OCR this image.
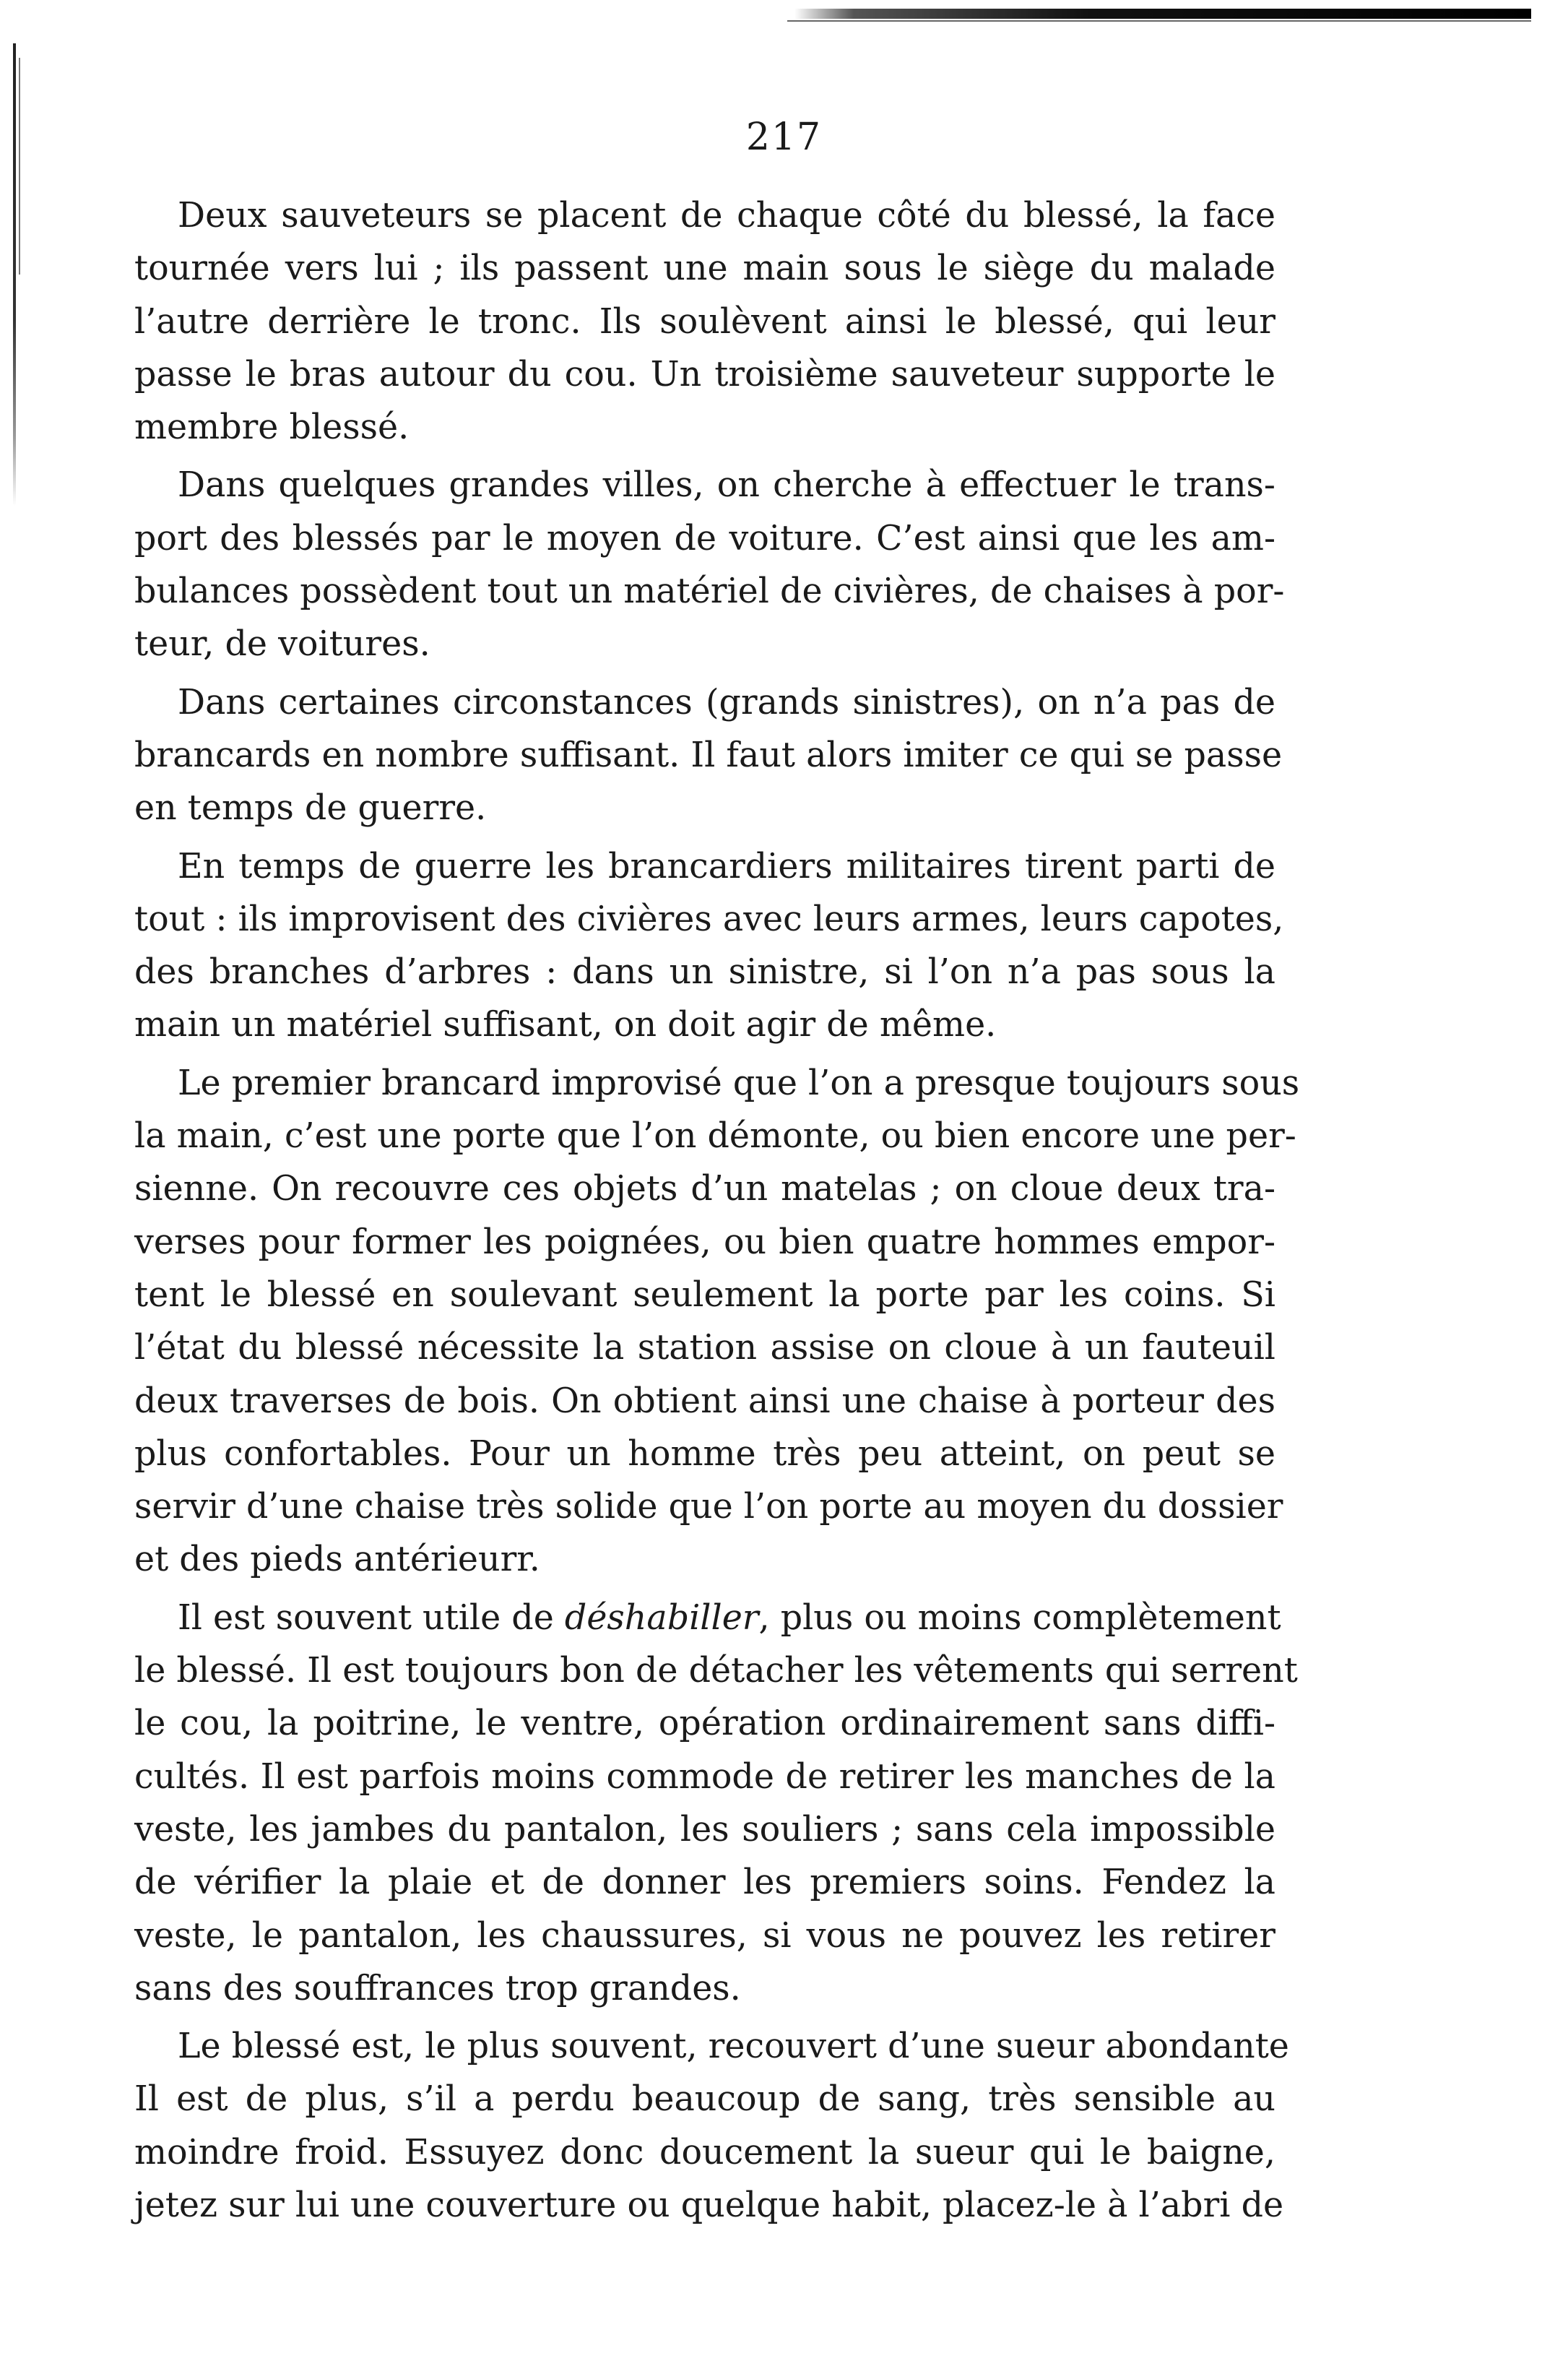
217

Deux sauveteurs se placent de chaque côté du blessé, la face
tournée vers lui ; ils passent une main sous le siège du malade
l’autre derrière le tronc. Ils soulèvent ainsi le blessé, qui leur
passe le bras autour du cou. Un troisième sauveteur supporte le
membre blessé.

Dans quelques grandes villes, on cherche à effectuer le trans-
port des blessés par le moyen de voiture. C’est ainsi que les am-
bulances possèdent tout un matériel de civières, de chaises à por-
teur, de voitures.

Dans certaines circonstances (grands sinistres), on n’a pas de
brancards en nombre suffisant. Il faut alors imiter ce qui se passe
en temps de guerre.

En temps de guerre les brancardiers militaires tirent parti de
tout : ils improvisent des civières avec leurs armes, leurs capotes,
des branches d’arbres : dans un sinistre, si l’on n’a pas sous la
main un matériel suffisant, on doit agir de même.

Le premier brancard improvisé que l’on a presque toujours sous
la main, c’est une porte que l’on démonte, ou bien encore une per-
sienne. On recouvre ces objets d’un matelas ; on cloue deux tra-
verses pour former les poignées, ou bien quatre hommes empor-
tent le blessé en soulevant seulement la porte par les coins. Si
l’état du blessé nécessite la station assise on cloue à un fauteuil
deux traverses de bois. On obtient ainsi une chaise à porteur des
plus confortables. Pour un homme très peu atteint, on peut se
servir d’une chaise très solide que l’on porte au moyen du dossier
et des pieds antérieurr.

Il est souvent utile de déshabiller, plus ou moins complètement
le blessé. Il est toujours bon de détacher les vêtements qui serrent
le cou, la poitrine, le ventre, opération ordinairement sans diffi-
cultés. Il est parfois moins commode de retirer les manches de la
veste, les jambes du pantalon, les souliers ; sans cela impossible
de vérifier la plaie et de donner les premiers soins. Fendez la
veste, le pantalon, les chaussures, si vous ne pouvez les retirer
sans des souffrances trop grandes.

Le blessé est, le plus souvent, recouvert d’une sueur abondante
Il est de plus, s’il a perdu beaucoup de sang, très sensible au
moindre froid. Essuyez donc doucement la sueur qui le baigne,
jetez sur lui une couverture ou quelque habit, placez-le à l’abri de
